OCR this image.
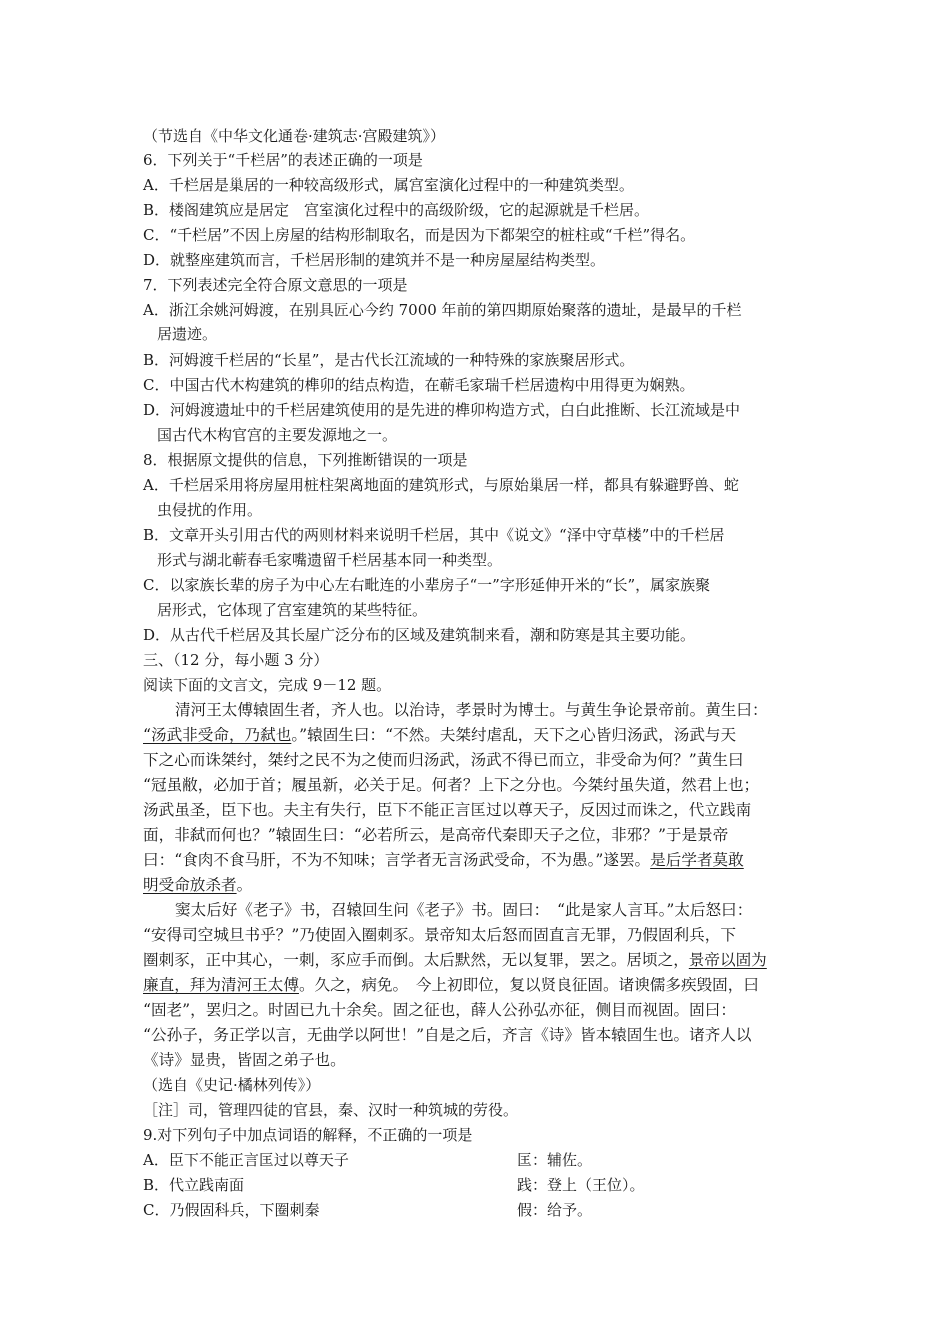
（节选自《中华文化通卷·建筑志·宫殿建筑》）
6．下列关于“千栏居”的表述正确的一项是
A．千栏居是巢居的一种较高级形式，属宫室演化过程中的一种建筑类型。
B．楼阁建筑应是居定　宫室演化过程中的高级阶级，它的起源就是千栏居。
C．“千栏居”不因上房屋的结构形制取名，而是因为下都架空的桩柱或“千栏”得名。
D．就整座建筑而言，千栏居形制的建筑并不是一种房屋屋结构类型。
7．下列表述完全符合原文意思的一项是
A．浙江余姚河姆渡，在别具匠心今约 7000 年前的第四期原始聚落的遗址，是最早的千栏
居遗迹。
B．河姆渡千栏居的“长星”，是古代长江流域的一种特殊的家族聚居形式。
C．中国古代木构建筑的榫卯的结点构造，在蕲毛家瑞千栏居遗构中用得更为娴熟。
D．河姆渡遗址中的千栏居建筑使用的是先进的榫卯构造方式，白白此推断、长江流域是中
国古代木构官宫的主要发源地之一。
8．根据原文提供的信息，下列推断错误的一项是
A．千栏居采用将房屋用桩柱架离地面的建筑形式，与原始巢居一样，都具有躲避野兽、蛇
虫侵扰的作用。
B．文章开头引用古代的两则材料来说明千栏居，其中《说文》“泽中守草楼”中的千栏居
形式与湖北蕲春毛家嘴遗留千栏居基本同一种类型。
C．以家族长辈的房子为中心左右毗连的小辈房子“一”字形延伸开米的“长”，属家族聚
居形式，它体现了宫室建筑的某些特征。
D．从古代千栏居及其长屋广泛分布的区域及建筑制来看，潮和防寒是其主要功能。
三、（12 分，每小题 3 分）
阅读下面的文言文，完成 9－12 题。
清河王太傅辕固生者，齐人也。以治诗，孝景时为博士。与黄生争论景帝前。黄生曰：
“汤武非受命，乃弑也。”辕固生曰：“不然。夫桀纣虐乱，天下之心皆归汤武，汤武与天
下之心而诛桀纣，桀纣之民不为之使而归汤武，汤武不得已而立，非受命为何？”黄生曰
“冠虽敝，必加于首；履虽新，必关于足。何者？上下之分也。今桀纣虽失道，然君上也；
汤武虽圣，臣下也。夫主有失行，臣下不能正言匡过以尊天子，反因过而诛之，代立践南
面，非弑而何也？”辕固生曰：“必若所云，是高帝代秦即天子之位，非邪？”于是景帝
曰：“食肉不食马肝，不为不知味；言学者无言汤武受命，不为愚。”遂罢。是后学者莫敢
明受命放杀者。
窦太后好《老子》书，召辕回生问《老子》书。固曰：　“此是家人言耳。”太后怒曰：
“安得司空城旦书乎？”乃使固入圈刺豕。景帝知太后怒而固直言无罪，乃假固利兵，下
圈刺豕，正中其心，一刺，豕应手而倒。太后默然，无以复罪，罢之。居顷之，景帝以固为
廉直，拜为清河王太傅。久之，病免。　今上初即位，复以贤良征固。诸谀儒多疾毁固，曰
“固老”，罢归之。时固已九十余矣。固之征也，薛人公孙弘亦征，侧目而视固。固曰：
“公孙子，务正学以言，无曲学以阿世！”自是之后，齐言《诗》皆本辕固生也。诸齐人以
《诗》显贵，皆固之弟子也。
（选自《史记·橘林列传》）
［注］司，管理四徒的官县，秦、汉时一种筑城的劳役。
9.对下列句子中加点词语的解释，不正确的一项是
A．臣下不能正言匡过以尊天子	匡：辅佐。
B．代立践南面	践：登上（王位）。
C．乃假固科兵，下圈刺秦	假：给予。
